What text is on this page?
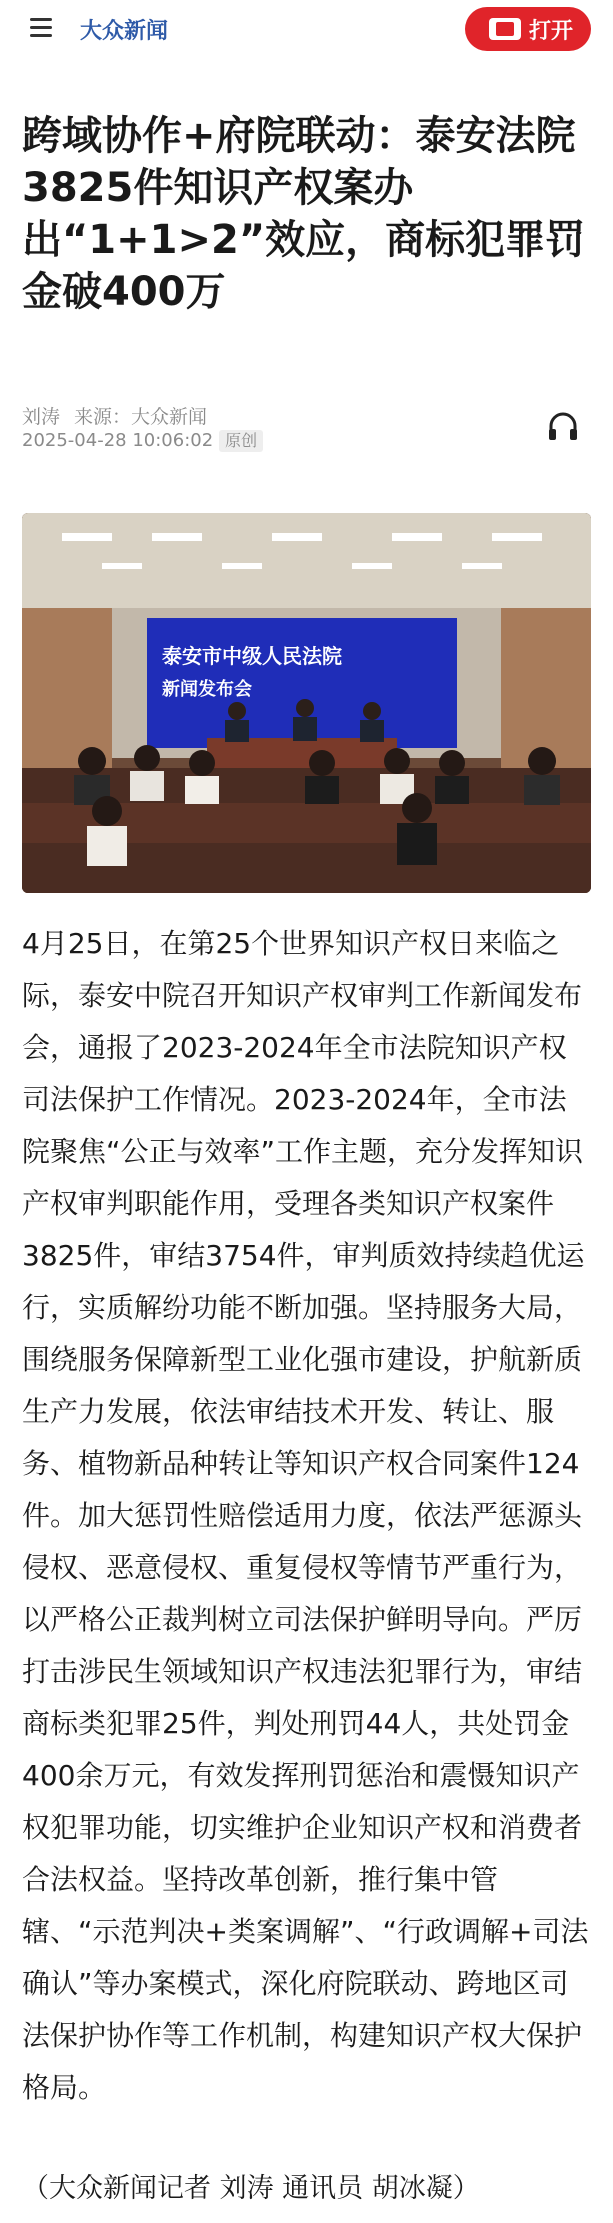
大众新闻	打开
跨域协作+府院联动：泰安法院3825件知识产权案办出“1+1>2”效应，商标犯罪罚金破400万
刘涛 来源：大众新闻
2025-04-28 10:06:02 原创
泰安市中级人民法院
新闻发布会

4月25日，在第25个世界知识产权日来临之际，泰安中院召开知识产权审判工作新闻发布会，通报了2023-2024年全市法院知识产权司法保护工作情况。2023-2024年，全市法院聚焦“公正与效率”工作主题，充分发挥知识产权审判职能作用，受理各类知识产权案件3825件，审结3754件，审判质效持续趋优运行，实质解纷功能不断加强。坚持服务大局，围绕服务保障新型工业化强市建设，护航新质生产力发展，依法审结技术开发、转让、服务、植物新品种转让等知识产权合同案件124件。加大惩罚性赔偿适用力度，依法严惩源头侵权、恶意侵权、重复侵权等情节严重行为，以严格公正裁判树立司法保护鲜明导向。严厉打击涉民生领域知识产权违法犯罪行为，审结商标类犯罪25件，判处刑罚44人，共处罚金400余万元，有效发挥刑罚惩治和震慑知识产权犯罪功能，切实维护企业知识产权和消费者合法权益。坚持改革创新，推行集中管辖、“示范判决+类案调解”、“行政调解+司法确认”等办案模式，深化府院联动、跨地区司法保护协作等工作机制，构建知识产权大保护格局。

（大众新闻记者 刘涛 通讯员 胡冰凝）
